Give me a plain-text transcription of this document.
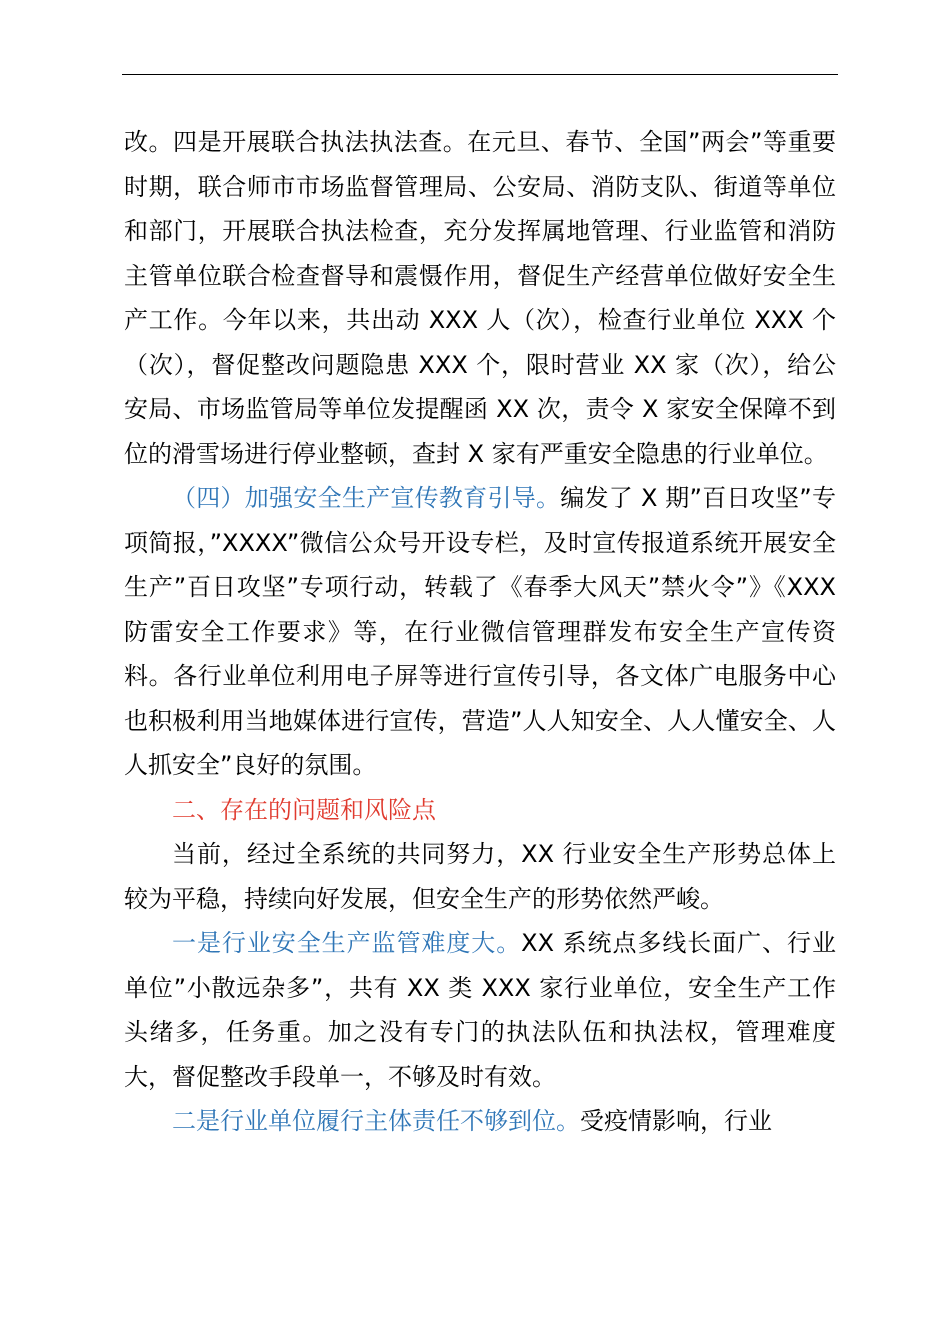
改。四是开展联合执法执法查。在元旦、春节、全国”两会”等重要时期，联合师市市场监督管理局、公安局、消防支队、街道等单位和部门，开展联合执法检查，充分发挥属地管理、行业监管和消防主管单位联合检查督导和震慑作用，督促生产经营单位做好安全生产工作。今年以来，共出动 XXX 人（次），检查行业单位 XXX 个（次），督促整改问题隐患 XXX 个，限时营业 XX 家（次），给公安局、市场监管局等单位发提醒函 XX 次，责令 X 家安全保障不到位的滑雪场进行停业整顿，查封 X 家有严重安全隐患的行业单位。

（四）加强安全生产宣传教育引导。编发了 X 期”百日攻坚”专项简报，”XXXX”微信公众号开设专栏，及时宣传报道系统开展安全生产”百日攻坚”专项行动，转载了《春季大风天”禁火令”》《XXX 防雷安全工作要求》等，在行业微信管理群发布安全生产宣传资料。各行业单位利用电子屏等进行宣传引导，各文体广电服务中心也积极利用当地媒体进行宣传，营造”人人知安全、人人懂安全、人人抓安全”良好的氛围。

二、存在的问题和风险点

当前，经过全系统的共同努力，XX 行业安全生产形势总体上较为平稳，持续向好发展，但安全生产的形势依然严峻。

一是行业安全生产监管难度大。XX 系统点多线长面广、行业单位”小散远杂多”，共有 XX 类 XXX 家行业单位，安全生产工作头绪多，任务重。加之没有专门的执法队伍和执法权，管理难度大，督促整改手段单一，不够及时有效。

二是行业单位履行主体责任不够到位。受疫情影响，行业
